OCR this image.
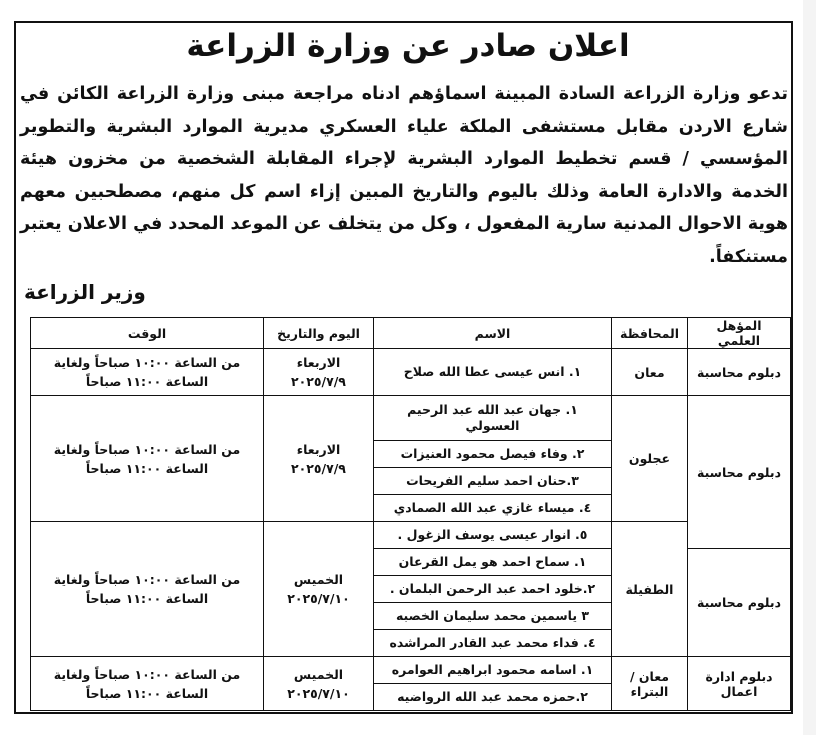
اعلان صادر عن وزارة الزراعة
تدعو وزارة الزراعة السادة المبينة اسماؤهم ادناه مراجعة مبنى وزارة الزراعة الكائن في شارع الاردن مقابل مستشفى الملكة علياء العسكري مديرية الموارد البشرية والتطوير المؤسسي / قسم تخطيط الموارد البشرية لإجراء المقابلة الشخصية من مخزون هيئة الخدمة والادارة العامة وذلك باليوم والتاريخ المبين إزاء اسم كل منهم، مصطحبين معهم هوية الاحوال المدنية سارية المفعول ، وكل من يتخلف عن الموعد المحدد في الاعلان يعتبر مستنكفاً.
وزير الزراعة
المؤهل العلمي	المحافظة	الاسم	اليوم والتاريخ	الوقت
دبلوم محاسبة	معان	١. انس عيسى عطا الله صلاح	الاربعاء ٢٠٢٥/٧/٩	من الساعة ١٠:٠٠ صباحاً ولغاية الساعة ١١:٠٠ صباحاً
دبلوم محاسبة	عجلون	١. جهان عبد الله عبد الرحيم العسولي	الاربعاء ٢٠٢٥/٧/٩	من الساعة ١٠:٠٠ صباحاً ولغاية الساعة ١١:٠٠ صباحاً
		٢. وفاء فيصل محمود العنيزات		
		٣.حنان احمد سليم الفريحات		
		٤. ميساء غازي عبد الله الصمادي		
	الطفيلة	٥. انوار عيسى يوسف الزغول .	الخميس ٢٠٢٥/٧/١٠	من الساعة ١٠:٠٠ صباحاً ولغاية الساعة ١١:٠٠ صباحاً
دبلوم محاسبة		١. سماح احمد هو يمل القرعان		
		٢.خلود احمد عبد الرحمن البلمان .		
		٣ ياسمين محمد سليمان الخصبه		
		٤. فداء محمد عبد القادر المراشده		
دبلوم ادارة اعمال	معان / البتراء	١. اسامه محمود ابراهيم العوامره	الخميس ٢٠٢٥/٧/١٠	من الساعة ١٠:٠٠ صباحاً ولغاية الساعة ١١:٠٠ صباحاً
		٢.حمزه محمد عبد الله الرواضيه		
